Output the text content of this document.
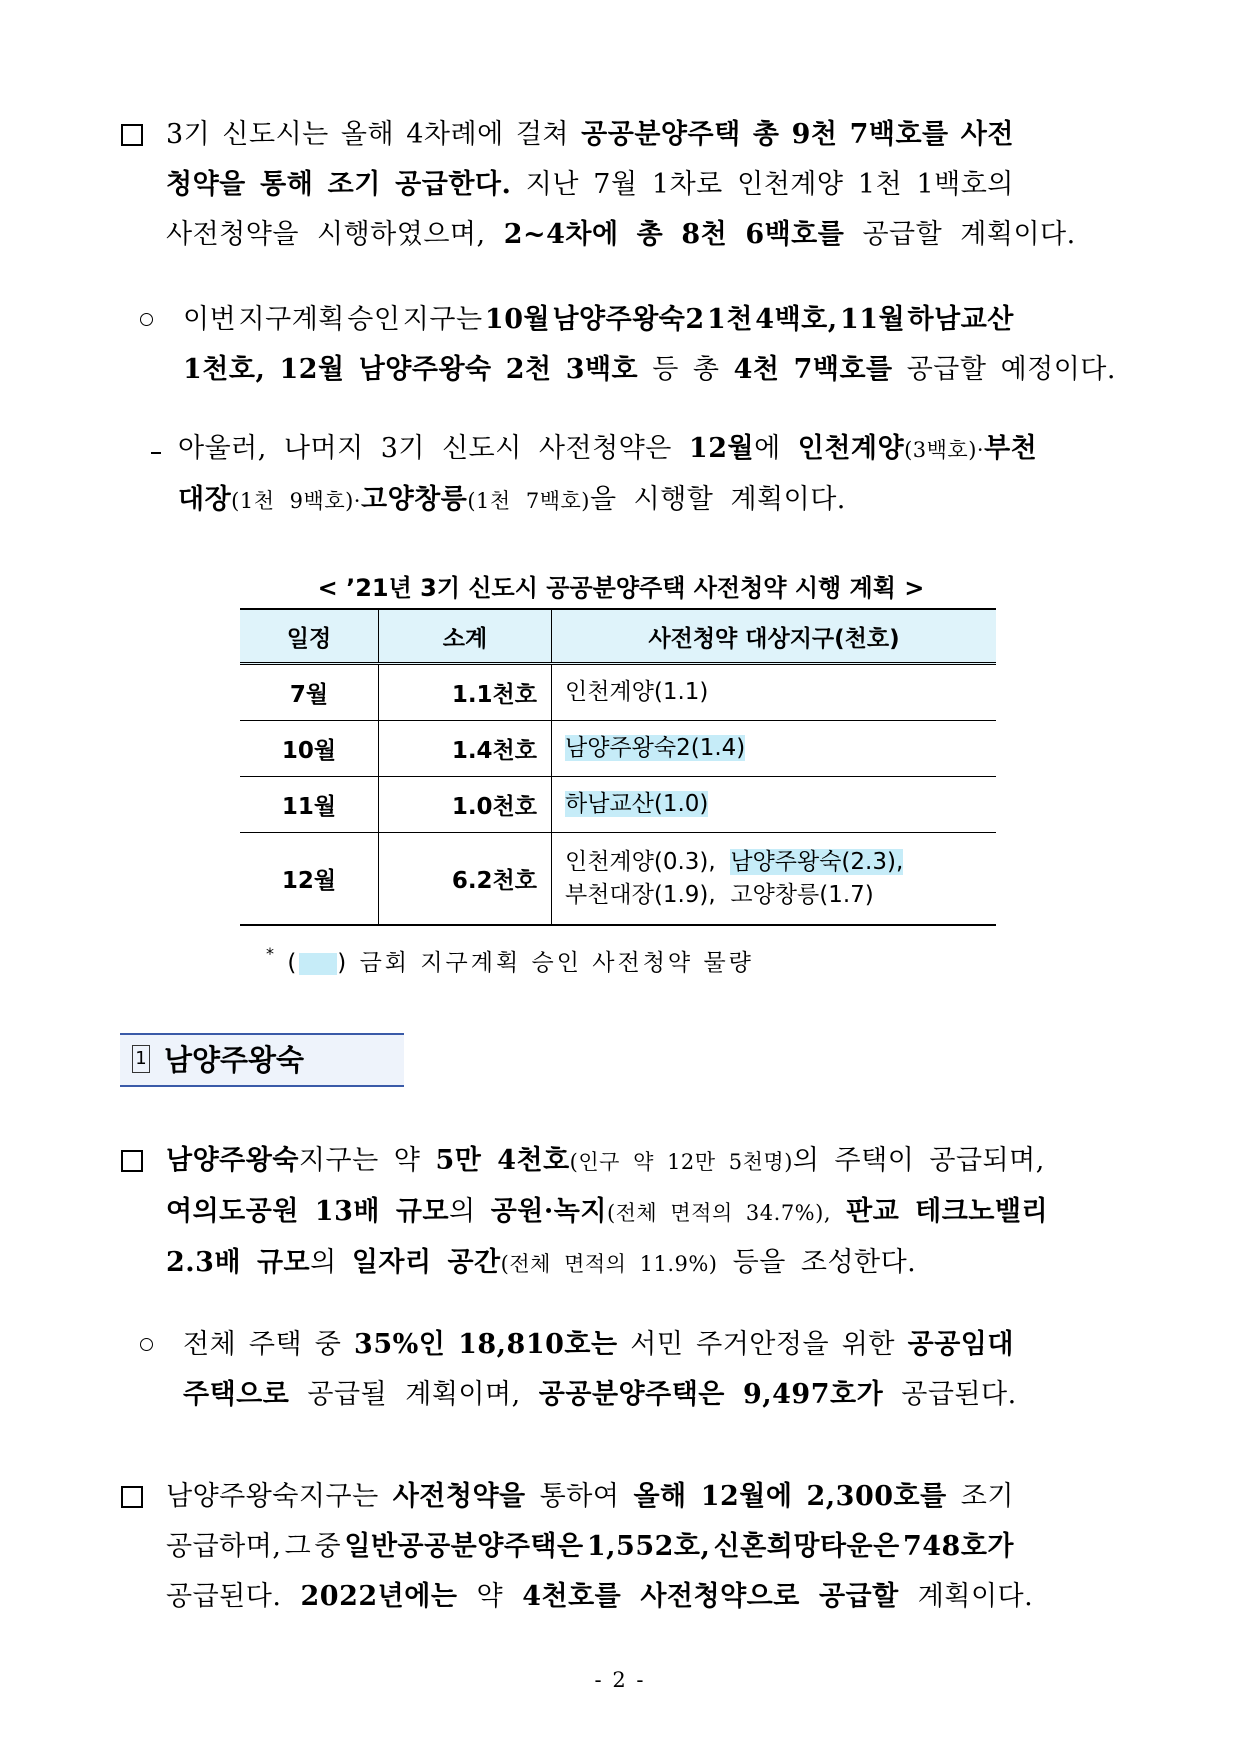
3기 신도시는 올해 4차례에 걸쳐 공공분양주택 총 9천 7백호를 사전
청약을 통해 조기 공급한다. 지난 7월 1차로 인천계양 1천 1백호의
사전청약을 시행하였으며, 2~4차에 총 8천 6백호를 공급할 계획이다.
이번 지구계획 승인 지구는 10월 남양주왕숙2 1천 4백호, 11월 하남교산
1천호, 12월 남양주왕숙 2천 3백호 등 총 4천 7백호를 공급할 예정이다.
아울러, 나머지 3기 신도시 사전청약은 12월에 인천계양(3백호)·부천
대장(1천 9백호)·고양창릉(1천 7백호)을 시행할 계획이다.
< ’21년 3기 신도시 공공분양주택 사전청약 시행 계획 >
일정	소계	사전청약 대상지구(천호)
7월	1.1천호	인천계양(1.1)
10월	1.4천호	남양주왕숙2(1.4)
11월	1.0천호	하남교산(1.0)
12월	6.2천호	인천계양(0.3), 남양주왕숙(2.3),
부천대장(1.9), 고양창릉(1.7)
* ( ) 금회 지구계획 승인 사전청약 물량
1 남양주왕숙
남양주왕숙지구는 약 5만 4천호(인구 약 12만 5천명)의 주택이 공급되며,
여의도공원 13배 규모의 공원·녹지(전체 면적의 34.7%), 판교 테크노밸리
2.3배 규모의 일자리 공간(전체 면적의 11.9%) 등을 조성한다.
전체 주택 중 35%인 18,810호는 서민 주거안정을 위한 공공임대
주택으로 공급될 계획이며, 공공분양주택은 9,497호가 공급된다.
남양주왕숙지구는 사전청약을 통하여 올해 12월에 2,300호를 조기
공급하며, 그 중 일반공공분양주택은 1,552호, 신혼희망타운은 748호가
공급된다. 2022년에는 약 4천호를 사전청약으로 공급할 계획이다.
- 2 -
